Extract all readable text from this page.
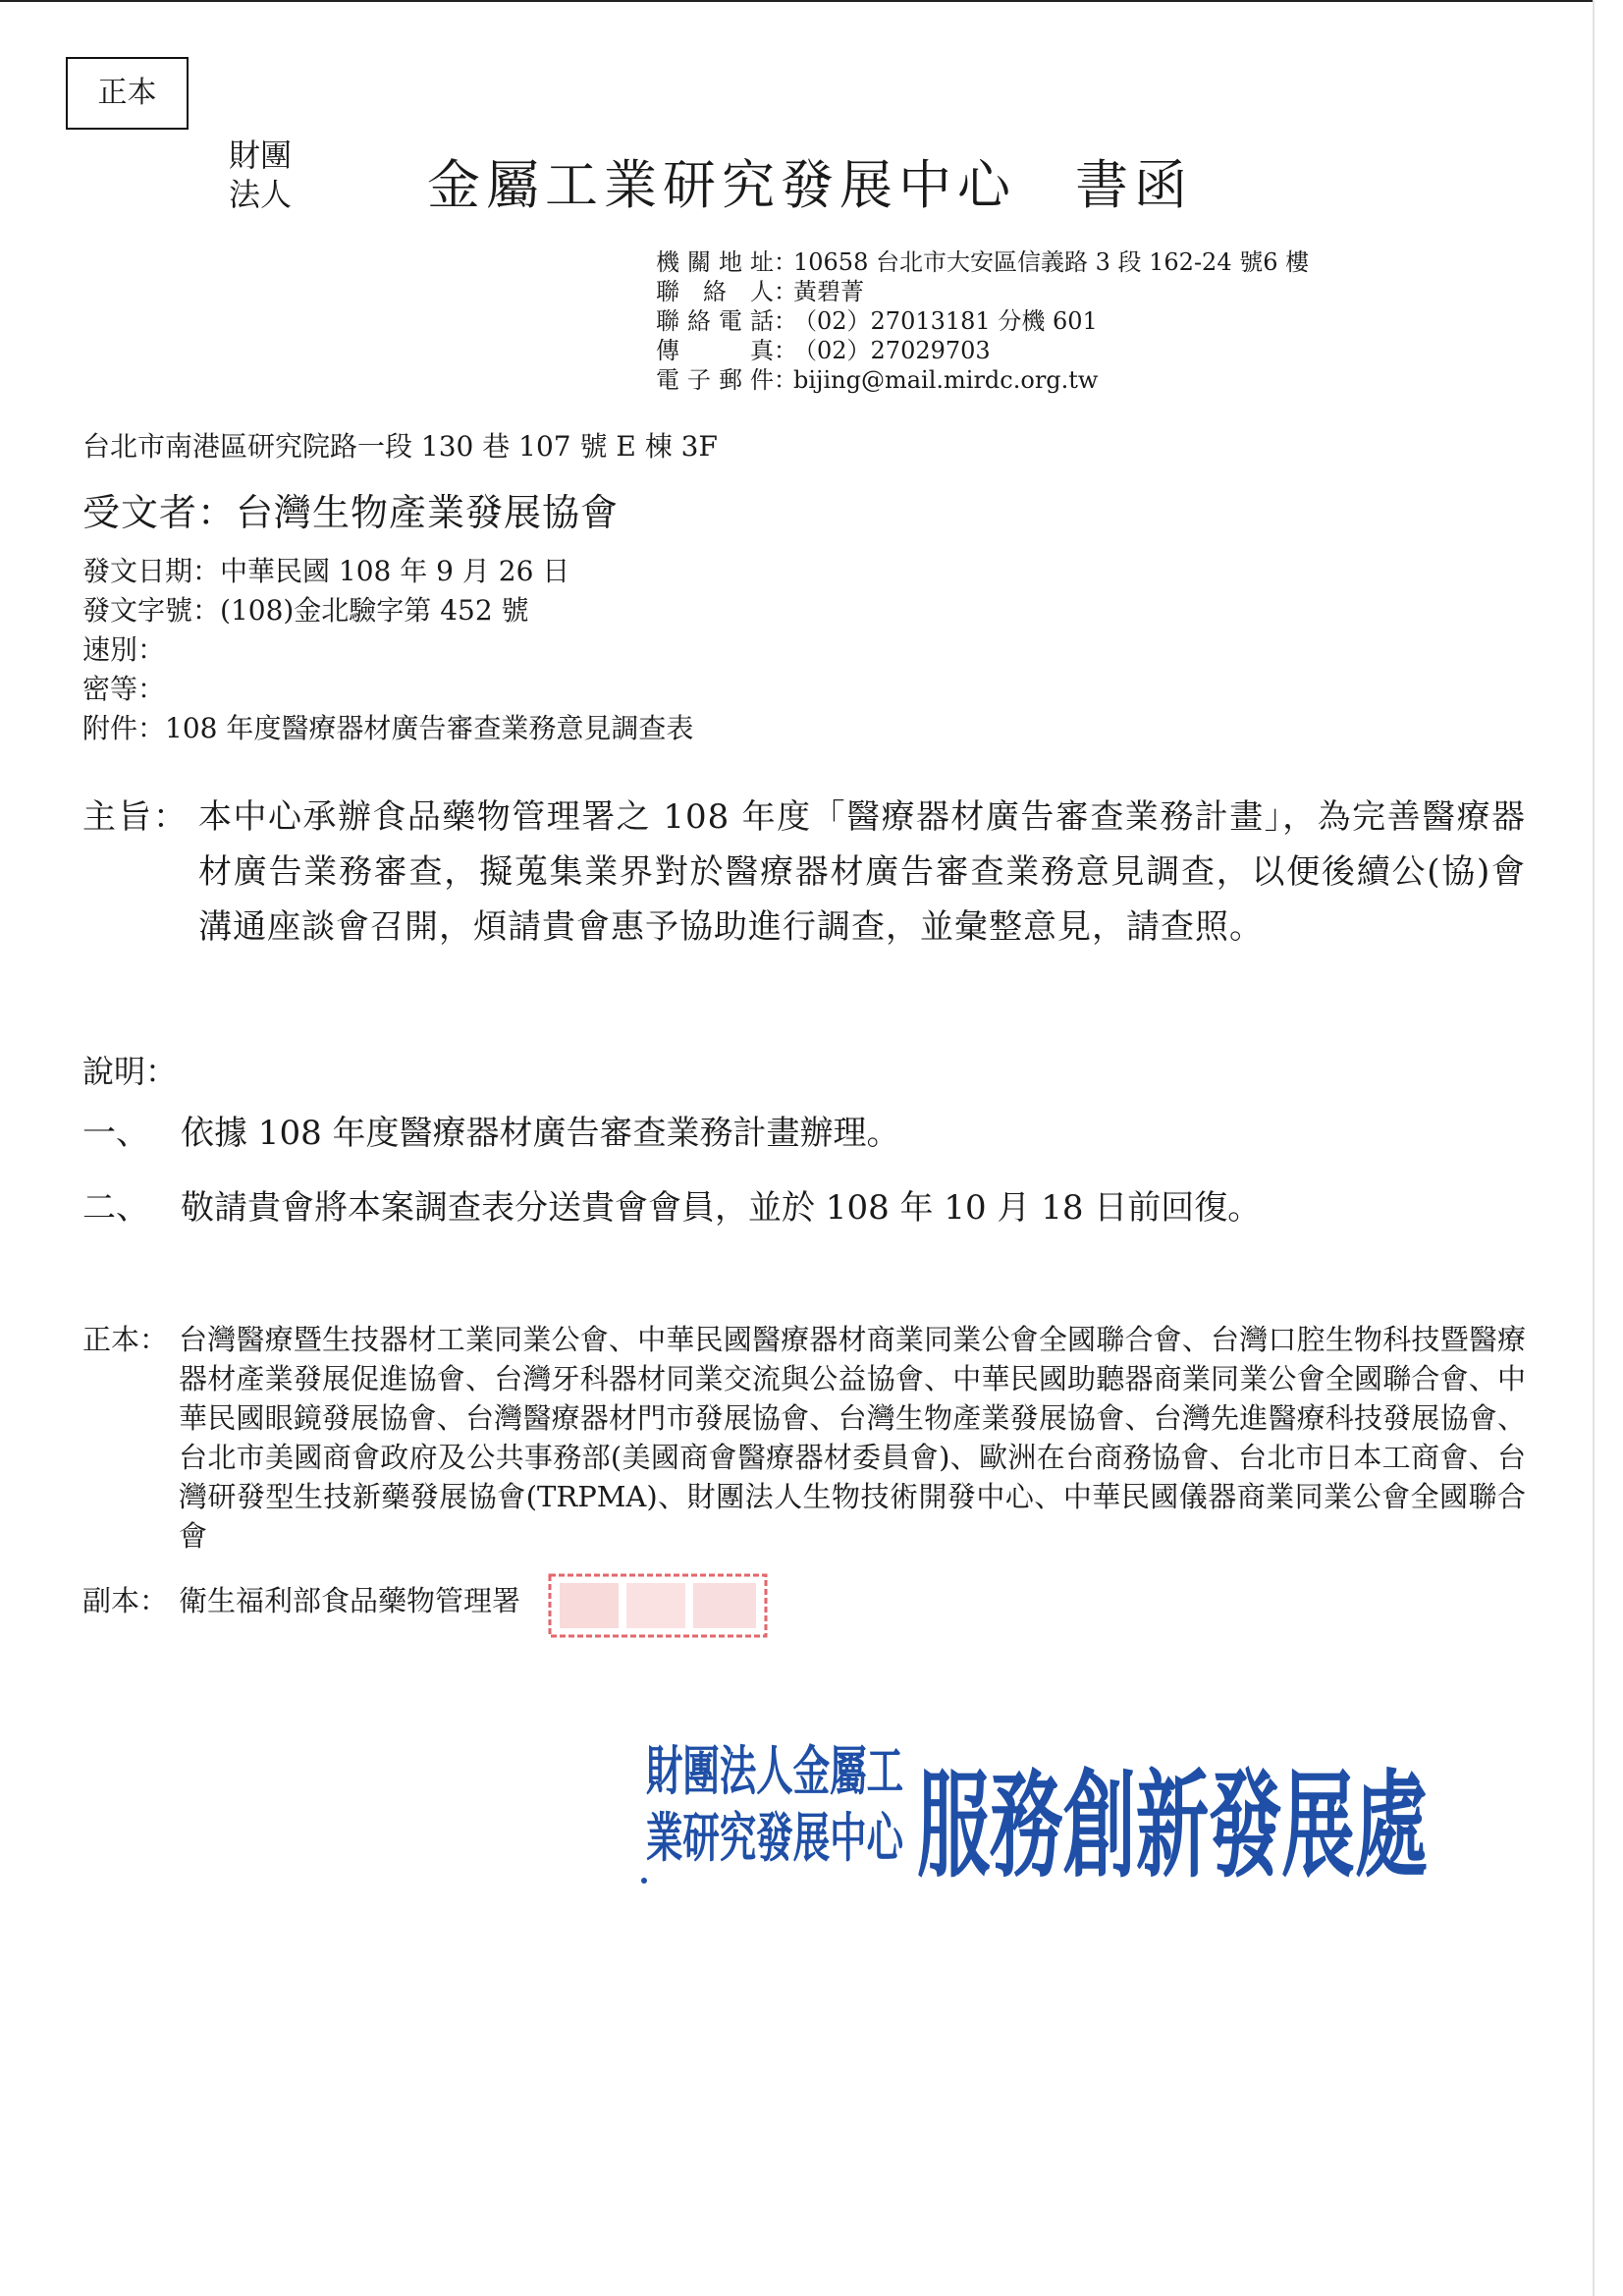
正本
財團
法人	金屬工業研究發展中心　書函
機關地址 ：
10658 台北市大安區信義路 3 段 162-24 號6 樓
聯絡人 ：
黃碧菁
聯絡電話 ：
（02）27013181 分機 601
傳真 ：
（02）27029703
電子郵件 ：
bijing@mail.mirdc.org.tw
台北市南港區研究院路一段 130 巷 107 號 E 棟 3F
受文者：台灣生物產業發展協會
發文日期：中華民國 108 年 9 月 26 日
發文字號：(108)金北驗字第 452 號
速別：
密等：
附件：108 年度醫療器材廣告審查業務意見調查表
主旨： 本中心承辦食品藥物管理署之 108 年度「醫療器材廣告審查業務計畫」，為完善醫療器材廣告業務審查，擬蒐集業界對於醫療器材廣告審查業務意見調查，以便後續公(協)會溝通座談會召開，煩請貴會惠予協助進行調查，並彙整意見，請查照。
說明：
一、 依據 108 年度醫療器材廣告審查業務計畫辦理。
二、 敬請貴會將本案調查表分送貴會會員，並於 108 年 10 月 18 日前回復。
正本： 台灣醫療暨生技器材工業同業公會、中華民國醫療器材商業同業公會全國聯合會、台灣口腔生物科技暨醫療器材產業發展促進協會、台灣牙科器材同業交流與公益協會、中華民國助聽器商業同業公會全國聯合會、中華民國眼鏡發展協會、台灣醫療器材門市發展協會、台灣生物產業發展協會、台灣先進醫療科技發展協會、台北市美國商會政府及公共事務部(美國商會醫療器材委員會)、歐洲在台商務協會、台北市日本工商會、台灣研發型生技新藥發展協會(TRPMA)、財團法人生物技術開發中心、中華民國儀器商業同業公會全國聯合會
副本： 衛生福利部食品藥物管理署
財團法人金屬工
業研究發展中心 服務創新發展處
